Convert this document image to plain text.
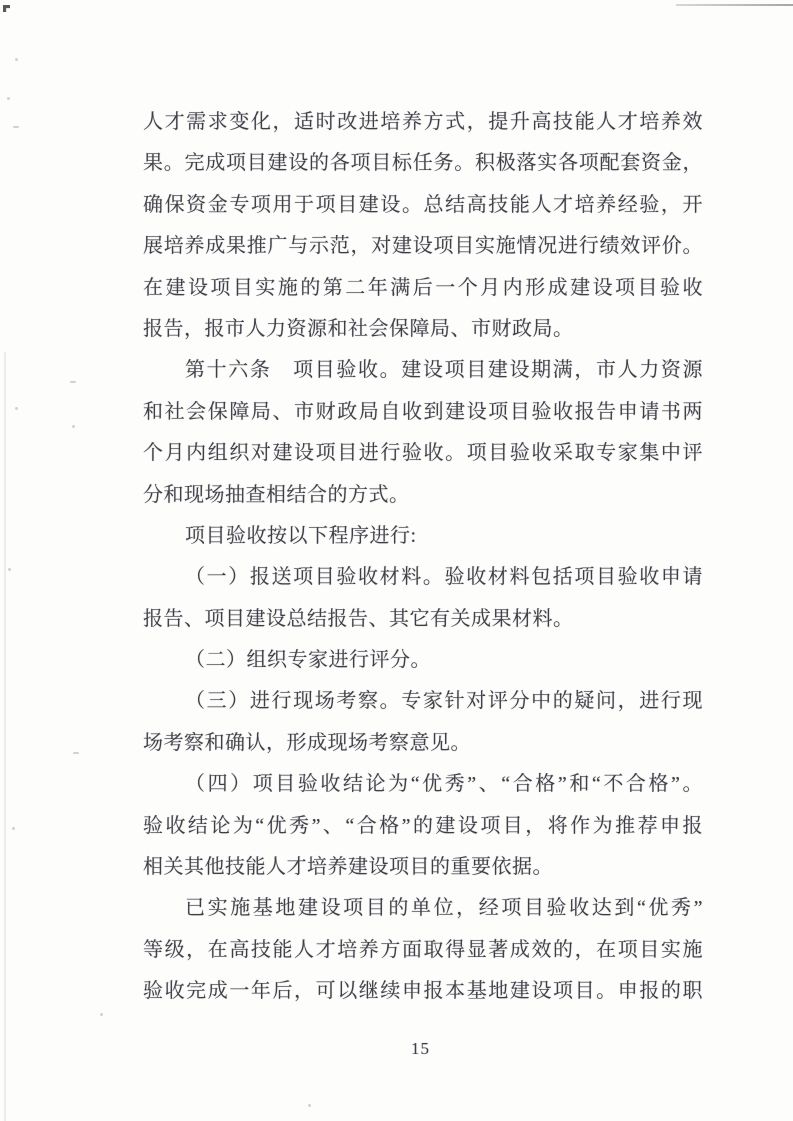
人才需求变化，适时改进培养方式，提升高技能人才培养效

果。完成项目建设的各项目标任务。积极落实各项配套资金，

确保资金专项用于项目建设。总结高技能人才培养经验，开

展培养成果推广与示范，对建设项目实施情况进行绩效评价。

在建设项目实施的第二年满后一个月内形成建设项目验收

报告，报市人力资源和社会保障局、市财政局。

第十六条　项目验收。建设项目建设期满，市人力资源

和社会保障局、市财政局自收到建设项目验收报告申请书两

个月内组织对建设项目进行验收。项目验收采取专家集中评

分和现场抽查相结合的方式。

项目验收按以下程序进行:

（一）报送项目验收材料。验收材料包括项目验收申请

报告、项目建设总结报告、其它有关成果材料。

（二）组织专家进行评分。

（三）进行现场考察。专家针对评分中的疑问，进行现

场考察和确认，形成现场考察意见。

（四）项目验收结论为“优秀”、“合格”和“不合格”。

验收结论为“优秀”、“合格”的建设项目，将作为推荐申报

相关其他技能人才培养建设项目的重要依据。

已实施基地建设项目的单位，经项目验收达到“优秀”

等级，在高技能人才培养方面取得显著成效的，在项目实施

验收完成一年后，可以继续申报本基地建设项目。申报的职

15
